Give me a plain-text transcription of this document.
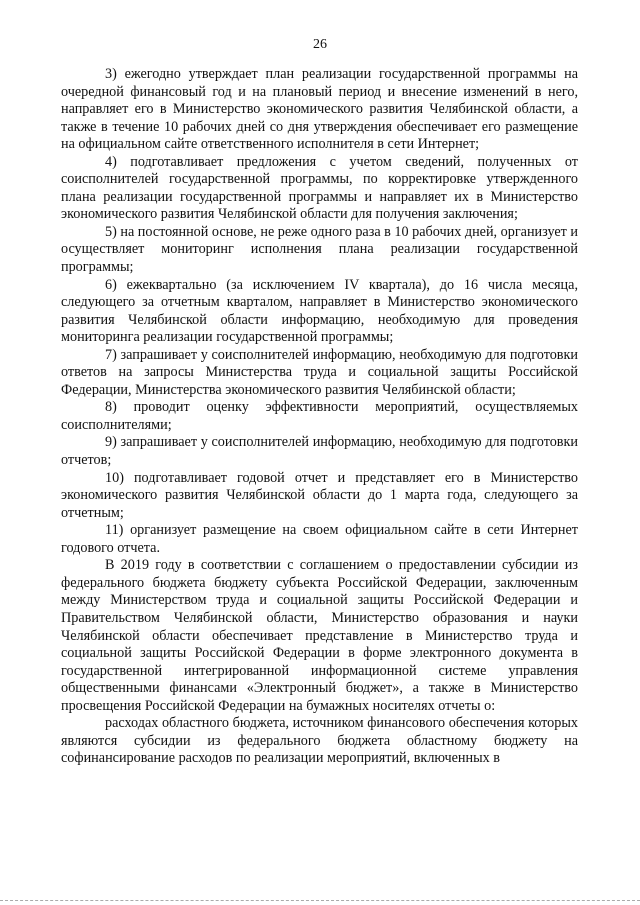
26

3) ежегодно утверждает план реализации государственной программы на очередной финансовый год и на плановый период и внесение изменений в него, направляет его в Министерство экономического развития Челябинской области, а также в течение 10 рабочих дней со дня утверждения обеспечивает его размещение на официальном сайте ответственного исполнителя в сети Интернет;

4) подготавливает предложения с учетом сведений, полученных от соисполнителей государственной программы, по корректировке утвержденного плана реализации государственной программы и направляет их в Министерство экономического развития Челябинской области для получения заключения;

5) на постоянной основе, не реже одного раза в 10 рабочих дней, организует и осуществляет мониторинг исполнения плана реализации государственной программы;

6) ежеквартально (за исключением IV квартала), до 16 числа месяца, следующего за отчетным кварталом, направляет в Министерство экономического развития Челябинской области информацию, необходимую для проведения мониторинга реализации государственной программы;

7) запрашивает у соисполнителей информацию, необходимую для подготовки ответов на запросы Министерства труда и социальной защиты Российской Федерации, Министерства экономического развития Челябинской области;

8) проводит оценку эффективности мероприятий, осуществляемых соисполнителями;

9) запрашивает у соисполнителей информацию, необходимую для подготовки отчетов;

10) подготавливает годовой отчет и представляет его в Министерство экономического развития Челябинской области до 1 марта года, следующего за отчетным;

11) организует размещение на своем официальном сайте в сети Интернет годового отчета.

В 2019 году в соответствии с соглашением о предоставлении субсидии из федерального бюджета бюджету субъекта Российской Федерации, заключенным между Министерством труда и социальной защиты Российской Федерации и Правительством Челябинской области, Министерство образования и науки Челябинской области обеспечивает представление в Министерство труда и социальной защиты Российской Федерации в форме электронного документа в государственной интегрированной информационной системе управления общественными финансами «Электронный бюджет», а также в Министерство просвещения Российской Федерации на бумажных носителях отчеты о:

расходах областного бюджета, источником финансового обеспечения которых являются субсидии из федерального бюджета областному бюджету на софинансирование расходов по реализации мероприятий, включенных в
